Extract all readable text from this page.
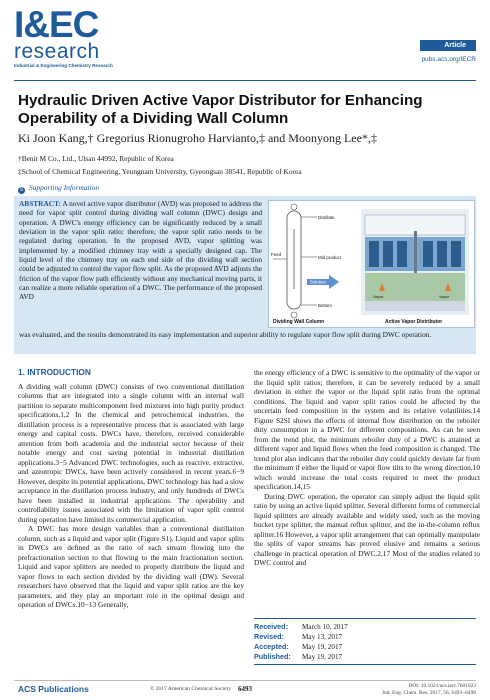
I&EC
research
Industrial & Engineering Chemistry Research
Article
pubs.acs.org/IECR
Hydraulic Driven Active Vapor Distributor for Enhancing Operability of a Dividing Wall Column
Ki Joon Kang,† Gregorius Rionugroho Harvianto,‡ and Moonyong Lee*,‡
†Benit M Co., Ltd., Ulsan 44992, Republic of Korea
‡School of Chemical Engineering, Yeungnam University, Gyeongsan 38541, Republic of Korea
S Supporting Information
ABSTRACT: A novel active vapor distributor (AVD) was proposed to address the need for vapor split control during dividing wall column (DWC) design and operation. A DWC's energy efficiency can be significantly reduced by a small deviation in the vapor split ratio; therefore, the vapor split ratio needs to be regulated during operation. In the proposed AVD, vapor splitting was implemented by a modified chimney tray with a specially designed cap. The liquid level of the chimney tray on each end side of the dividing wall section could be adjusted to control the vapor flow split. As the proposed AVD adjusts the friction of the vapor flow path efficiently without any mechanical moving parts, it can realize a more reliable operation of a DWC. The performance of the proposed AVD
was evaluated, and the results demonstrated its easy implementation and superior ability to regulate vapor flow split during DWC operation.
Distillate
Mid product
Feed
Bottom
Solution
Vapor	Vapor
Dividing Wall Column	Active Vapor Distributor
1. INTRODUCTION

A dividing wall column (DWC) consists of two conventional distillation columns that are integrated into a single column with an internal wall partition to separate multicomponent feed mixtures into high purity product specifications.1,2 In the chemical and petrochemical industries, the distillation process is a representative process that is associated with large energy and capital costs. DWCs have, therefore, received considerable attention from both academia and the industrial sector because of their notable energy and cost saving potential in industrial distillation applications.3−5 Advanced DWC technologies, such as reactive, extractive, and azeotropic DWCs, have been actively considered in recent years.6−9 However, despite its potential applications, DWC technology has had a slow acceptance in the distillation process industry, and only hundreds of DWCs have been installed in industrial applications. The operability and controllability issues associated with the limitation of vapor split control during operation have limited its commercial application.

A DWC has more design variables than a conventional distillation column, such as a liquid and vapor split (Figure S1). Liquid and vapor splits in DWCs are defined as the ratio of each stream flowing into the prefractionation section to that flowing to the main fractionation section. Liquid and vapor splitters are needed to properly distribute the liquid and vapor flows to each section divided by the dividing wall (DW). Several researchers have observed that the liquid and vapor split ratios are the key parameters, and they play an important role in the optimal design and operation of DWCs.10−13 Generally,

the energy efficiency of a DWC is sensitive to the optimality of the vapor or the liquid split ratios; therefore, it can be severely reduced by a small deviation in either the vapor or the liquid split ratio from the optimal conditions. The liquid and vapor split ratios could be affected by the uncertain feed composition in the system and its relative volatilities.14 Figure S2SI shows the effects of internal flow distribution on the reboiler duty consumption in a DWC for different compositions. As can be seen from the trend plot, the minimum reboiler duty of a DWC is attained at different vapor and liquid flows when the feed composition is changed. The trend plot also indicates that the reboiler duty could quickly deviate far from the minimum if either the liquid or vapor flow tilts to the wrong direction,10 which would increase the total costs required to meet the product specification.14,15

During DWC operation, the operator can simply adjust the liquid split ratio by using an active liquid splitter. Several different forms of commercial liquid splitters are already available and widely used, such as the moving bucket type splitter, the manual reflux splitter, and the in-the-column reflux splitter.16 However, a vapor split arrangement that can optimally manipulate the splits of vapor streams has proved elusive and remains a serious challenge in practical operation of DWC.2,17 Most of the studies related to DWC control and

Received:	March 10, 2017
Revised:	May 13, 2017
Accepted:	May 19, 2017
Published:	May 19, 2017
ACS Publications	© 2017 American Chemical Society 6493	DOI: 10.1021/acs.iecr.7b01023
Ind. Eng. Chem. Res. 2017, 56, 6493−6498
